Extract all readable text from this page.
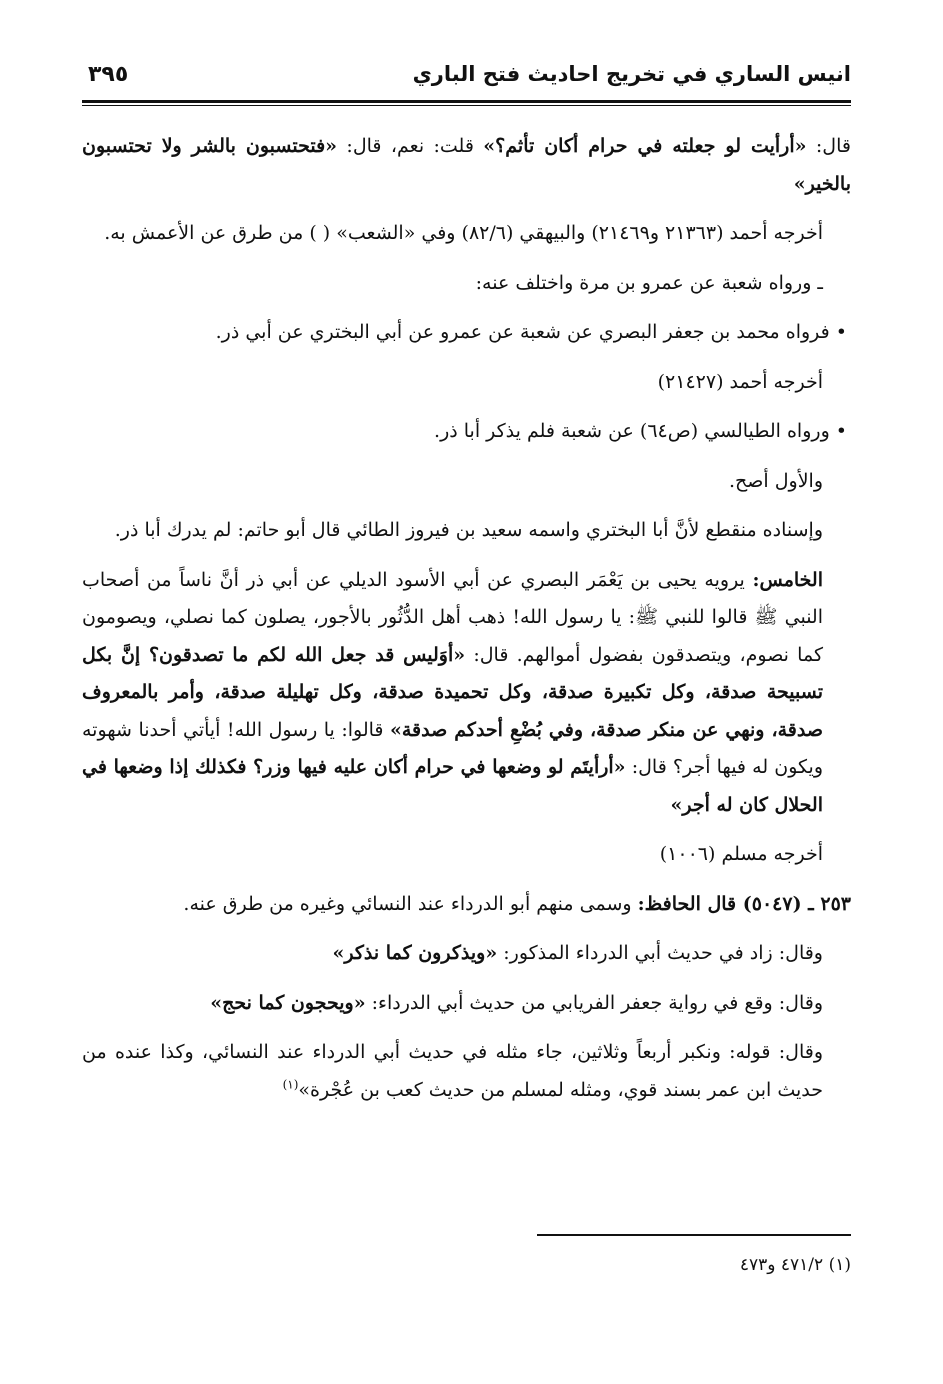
٣٩٥	انيس الساري في تخريج احاديث فتح الباري

قال: «أرأيت لو جعلته في حرام أكان تأثم؟» قلت: نعم، قال: «فتحتسبون بالشر ولا تحتسبون بالخير»

أخرجه أحمد (٢١٣٦٣ و٢١٤٦٩) والبيهقي (٨٢/٦) وفي «الشعب» ( ) من طرق عن الأعمش به.

ـ ورواه شعبة عن عمرو بن مرة واختلف عنه:

• فرواه محمد بن جعفر البصري عن شعبة عن عمرو عن أبي البختري عن أبي ذر.

أخرجه أحمد (٢١٤٢٧)

• ورواه الطيالسي (ص٦٤) عن شعبة فلم يذكر أبا ذر.

والأول أصح.

وإسناده منقطع لأنَّ أبا البختري واسمه سعيد بن فيروز الطائي قال أبو حاتم: لم يدرك أبا ذر.

الخامس: يرويه يحيى بن يَعْمَر البصري عن أبي الأسود الديلي عن أبي ذر أنَّ ناساً من أصحاب النبي ﷺ قالوا للنبي ﷺ: يا رسول الله! ذهب أهل الدُّثُور بالأجور، يصلون كما نصلي، ويصومون كما نصوم، ويتصدقون بفضول أموالهم. قال: «أوَليس قد جعل الله لكم ما تصدقون؟ إنَّ بكل تسبيحة صدقة، وكل تكبيرة صدقة، وكل تحميدة صدقة، وكل تهليلة صدقة، وأمر بالمعروف صدقة، ونهي عن منكر صدقة، وفي بُضْعِ أحدكم صدقة» قالوا: يا رسول الله! أيأتي أحدنا شهوته ويكون له فيها أجر؟ قال: «أرأيتَم لو وضعها في حرام أكان عليه فيها وزر؟ فكذلك إذا وضعها في الحلال كان له أجر»

أخرجه مسلم (١٠٠٦)

٢٥٣ ـ (٥٠٤٧) قال الحافظ: وسمى منهم أبو الدرداء عند النسائي وغيره من طرق عنه.

وقال: زاد في حديث أبي الدرداء المذكور: «ويذكرون كما نذكر»

وقال: وقع في رواية جعفر الفريابي من حديث أبي الدرداء: «ويحجون كما نحج»

وقال: قوله: ونكبر أربعاً وثلاثين، جاء مثله في حديث أبي الدرداء عند النسائي، وكذا عنده من حديث ابن عمر بسند قوي، ومثله لمسلم من حديث كعب بن عُجْرة»$^{(١)}$

(١) ٤٧١/٢ و٤٧٣
